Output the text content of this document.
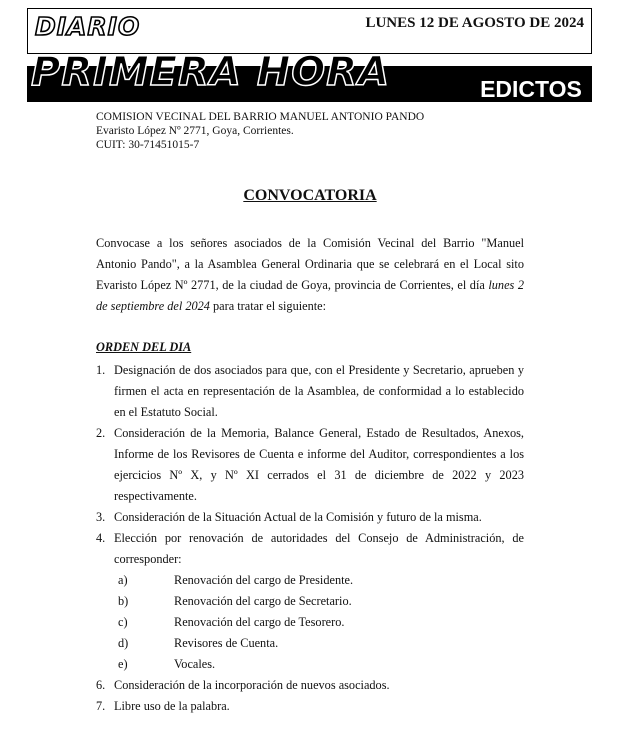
DIARIO	LUNES 12 DE AGOSTO DE 2024
PRIMERA HORA	EDICTOS
COMISION VECINAL DEL BARRIO MANUEL ANTONIO PANDO
Evaristo López Nº 2771, Goya, Corrientes.
CUIT: 30-71451015-7
CONVOCATORIA
Convocase a los señores asociados de la Comisión Vecinal del Barrio "Manuel Antonio Pando", a la Asamblea General Ordinaria que se celebrará en el Local sito Evaristo López Nº 2771, de la ciudad de Goya, provincia de Corrientes, el día lunes 2 de septiembre del 2024 para tratar el siguiente:
ORDEN DEL DIA
1. Designación de dos asociados para que, con el Presidente y Secretario, aprueben y firmen el acta en representación de la Asamblea, de conformidad a lo establecido en el Estatuto Social.
2. Consideración de la Memoria, Balance General, Estado de Resultados, Anexos, Informe de los Revisores de Cuenta e informe del Auditor, correspondientes a los ejercicios Nº X, y Nº XI cerrados el 31 de diciembre de 2022 y 2023 respectivamente.
3. Consideración de la Situación Actual de la Comisión y futuro de la misma.
4. Elección por renovación de autoridades del Consejo de Administración, de corresponder:
a)	Renovación del cargo de Presidente.
b)	Renovación del cargo de Secretario.
c)	Renovación del cargo de Tesorero.
d)	Revisores de Cuenta.
e)	Vocales.
6. Consideración de la incorporación de nuevos asociados.
7. Libre uso de la palabra.
